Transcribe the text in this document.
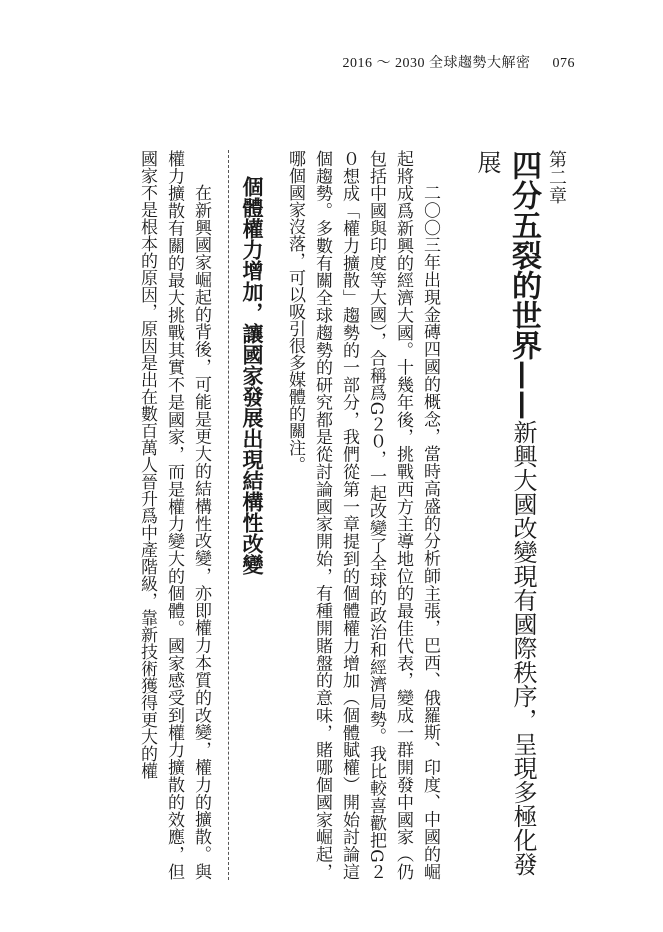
2016 ～ 2030 全球趨勢大解密 076
第二章
四分五裂的世界——新興大國改變現有國際秩序，呈現多極化發展

二〇〇三年出現金磚四國的概念，當時高盛的分析師主張，巴西、俄羅斯、印度、中國的崛起將成爲新興的經濟大國。十幾年後，挑戰西方主導地位的最佳代表，變成一群開發中國家（仍包括中國與印度等大國），合稱爲G２０，一起改變了全球的政治和經濟局勢。我比較喜歡把G２０想成「權力擴散」趨勢的一部分，我們從第一章提到的個體權力增加（個體賦權）開始討論這個趨勢。多數有關全球趨勢的研究都是從討論國家開始，有種開賭盤的意味，賭哪個國家崛起，哪個國家沒落，可以吸引很多媒體的關注。

個體權力增加，讓國家發展出現結構性改變

在新興國家崛起的背後，可能是更大的結構性改變，亦即權力本質的改變，權力的擴散。與權力擴散有關的最大挑戰其實不是國家，而是權力變大的個體。國家感受到權力擴散的效應，但國家不是根本的原因，原因是出在數百萬人晉升爲中產階級，靠新技術獲得更大的權
